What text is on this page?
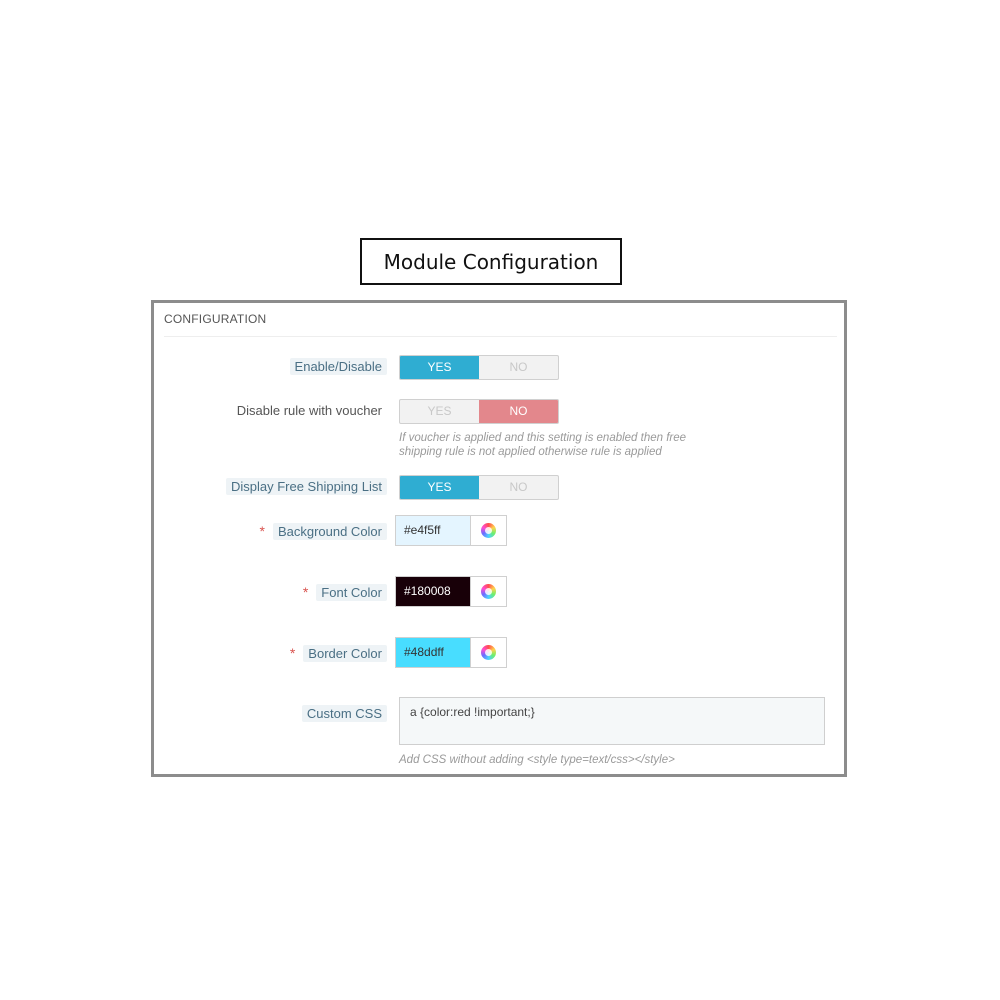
Module Configuration
CONFIGURATION
Enable/Disable	YES	NO
Disable rule with voucher	YES	NO
If voucher is applied and this setting is enabled then free
shipping rule is not applied otherwise rule is applied
Display Free Shipping List	YES	NO
* Background Color	#e4f5ff
* Font Color	#180008
* Border Color	#48ddff
Custom CSS
a {color:red !important;}
Add CSS without adding <style type=text/css></style>
